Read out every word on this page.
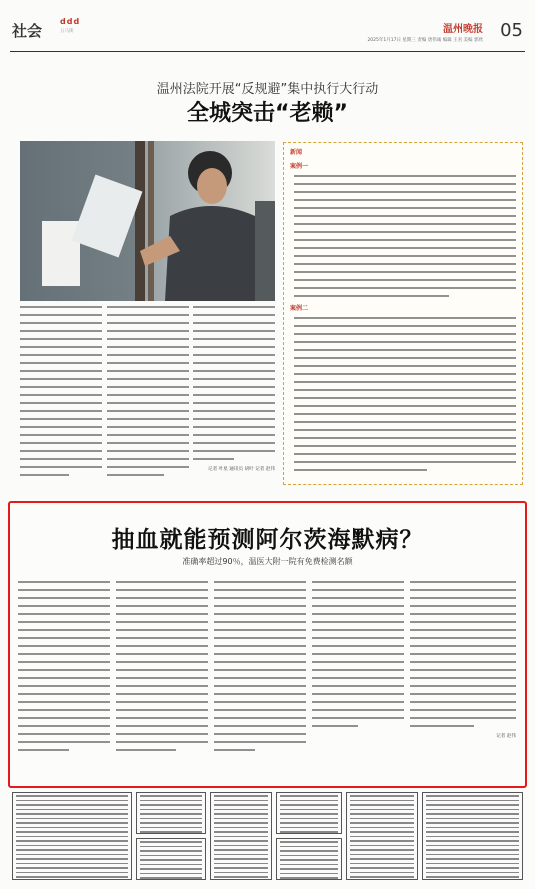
社会
ddd
五马街	温州晚报
2025年1月17日 星期三 责编 唐伟诚 编辑 王君 美编 郭欣 05
温州法院开展“反规避”集中执行大行动
全城突击“老赖”
记者 叶星 通讯员 胡叶 记者 赵伟
新闻
案例一
案例二
抽血就能预测阿尔茨海默病？
准确率超过90％，温医大附一院有免费检测名额
记者 赵伟
